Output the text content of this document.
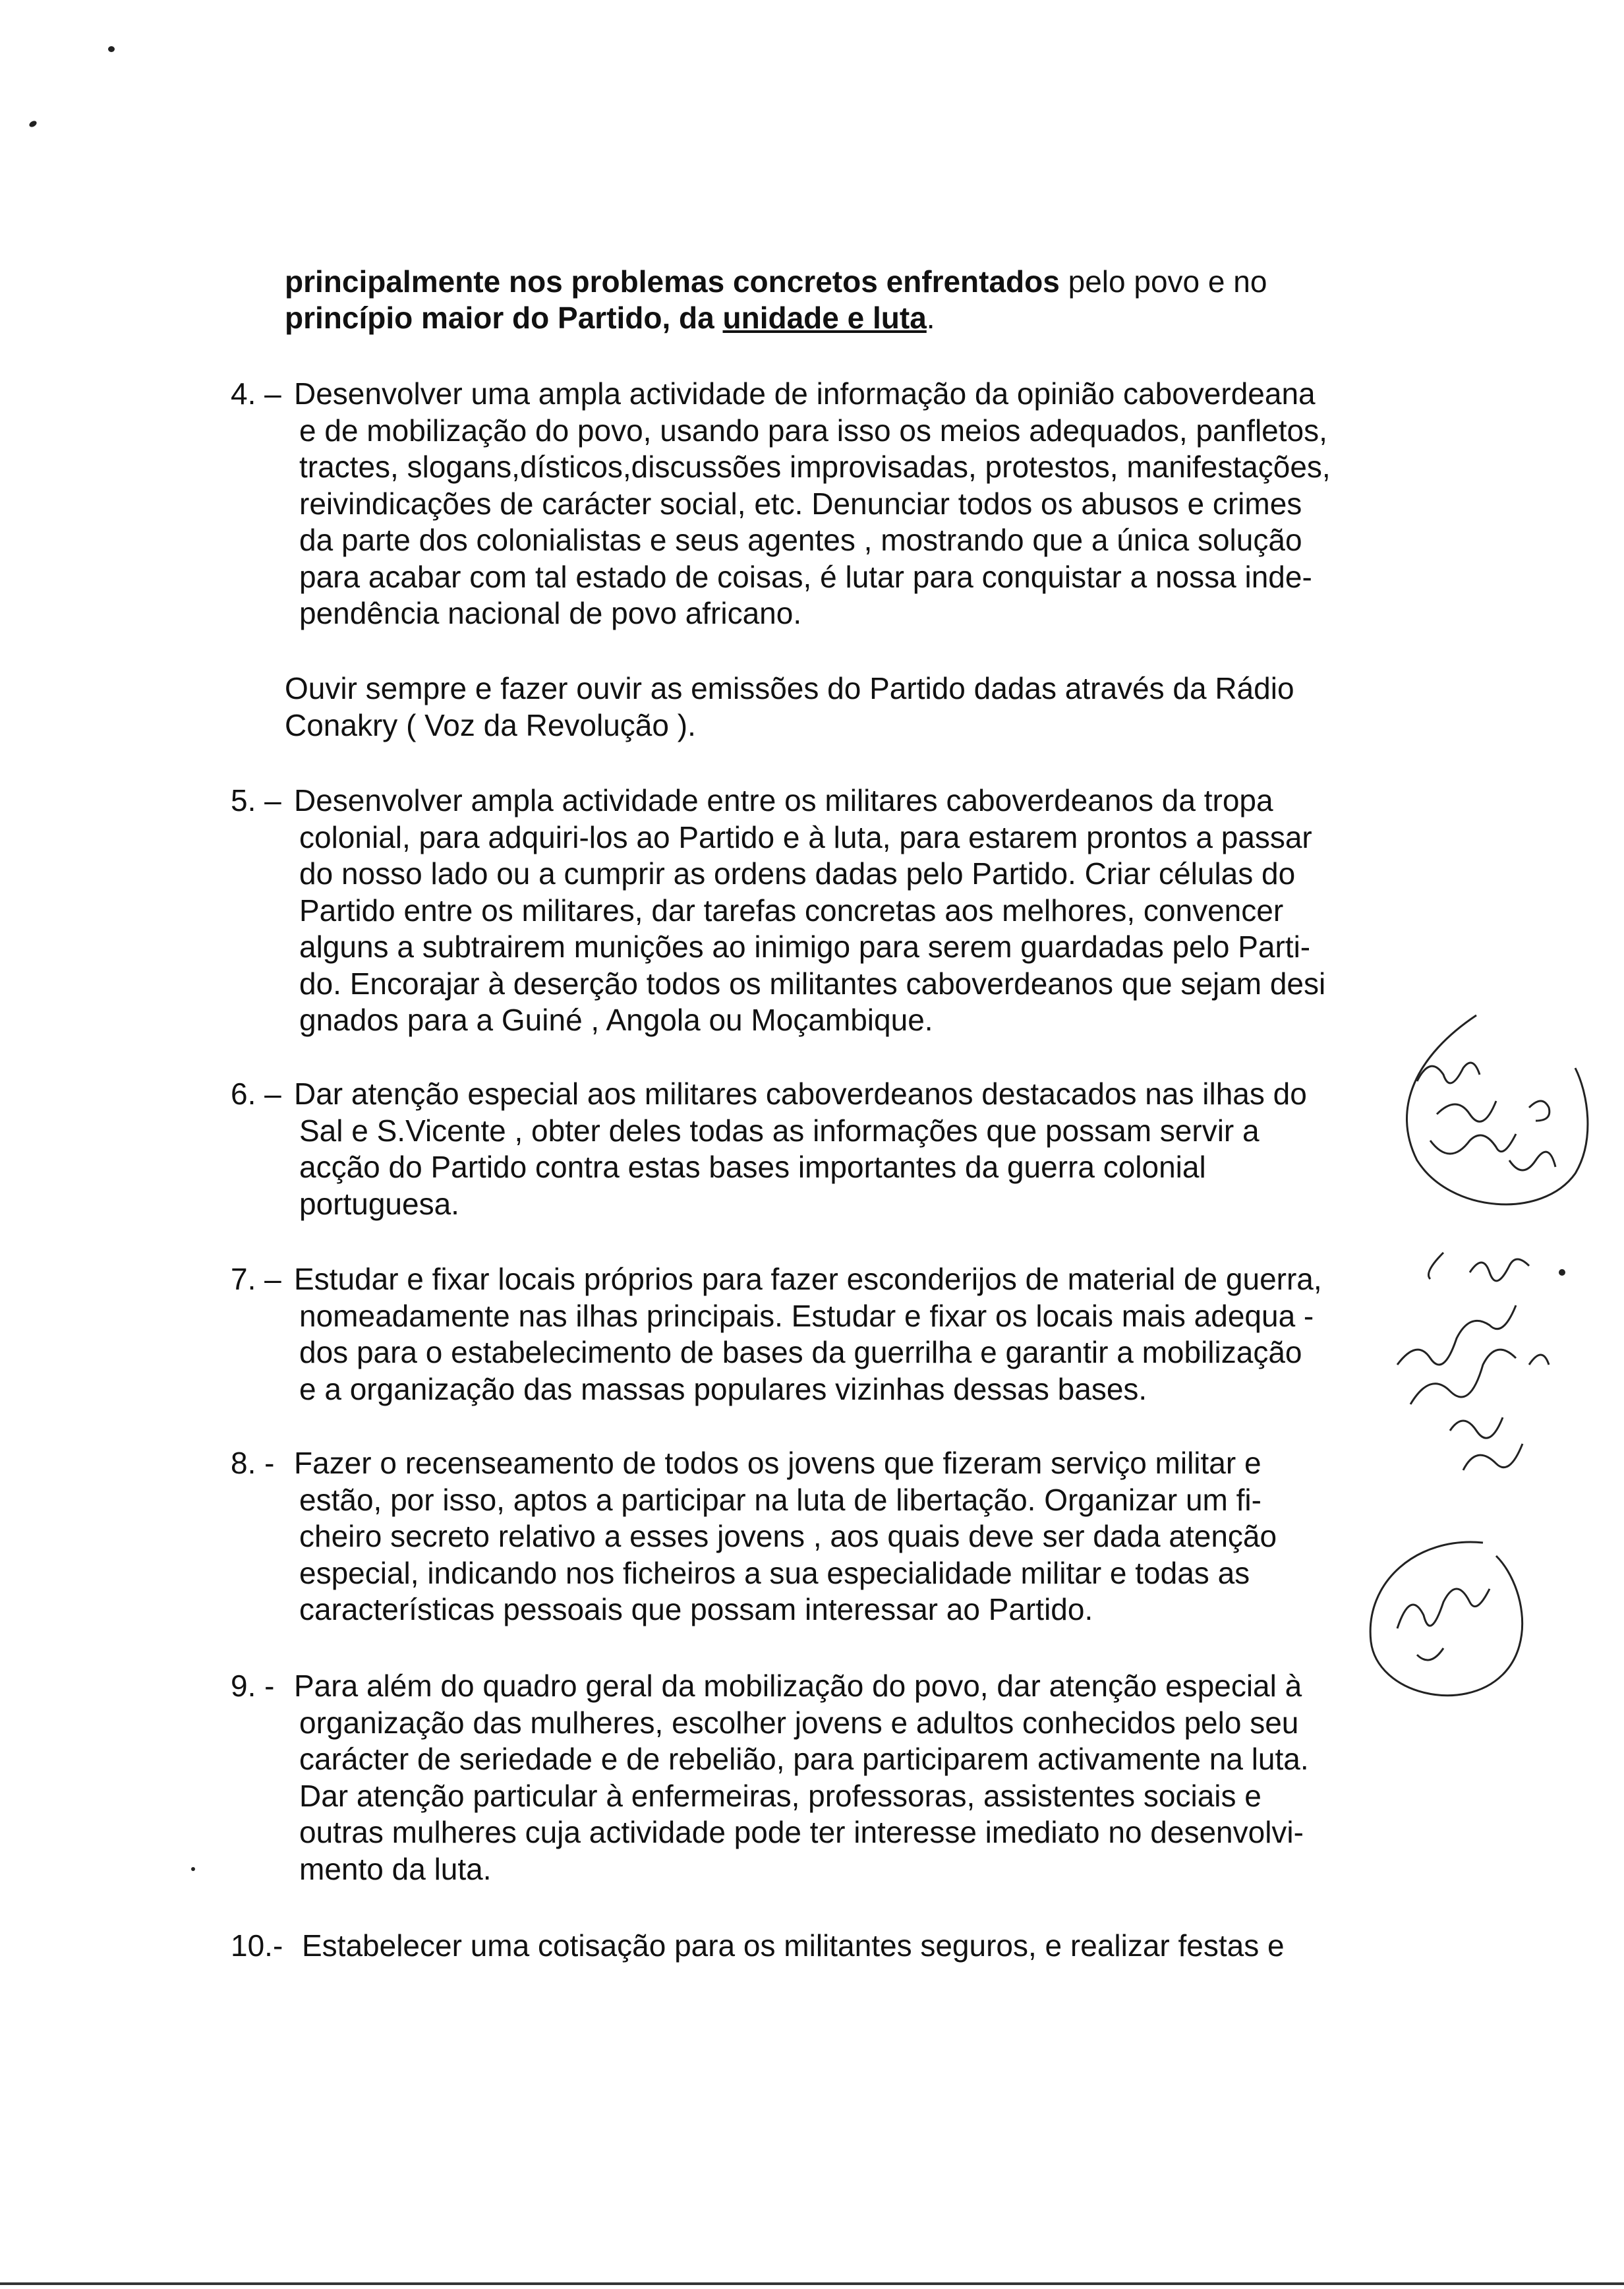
principalmente nos problemas concretos enfrentados pelo povo e no
princípio maior do Partido, da unidade e luta.
4. – Desenvolver uma ampla actividade de informação da opinião caboverdeana
e de mobilização do povo, usando para isso os meios adequados, panfletos,
tractes, slogans,dísticos,discussões improvisadas, protestos, manifestações,
reivindicações de carácter social, etc. Denunciar todos os abusos e crimes
da parte dos colonialistas e seus agentes , mostrando que a única solução
para acabar com tal estado de coisas, é lutar para conquistar a nossa inde-
pendência nacional de povo africano.
Ouvir sempre e fazer ouvir as emissões do Partido dadas através da Rádio
Conakry ( Voz da Revolução ).
5. – Desenvolver ampla actividade entre os militares caboverdeanos da tropa
colonial, para adquiri-los ao Partido e à luta, para estarem prontos a passar
do nosso lado ou a cumprir as ordens dadas pelo Partido. Criar células do
Partido entre os militares, dar tarefas concretas aos melhores, convencer
alguns a subtrairem munições ao inimigo para serem guardadas pelo Parti-
do. Encorajar à deserção todos os militantes caboverdeanos que sejam desi
gnados para a Guiné , Angola ou Moçambique.
6. – Dar atenção especial aos militares caboverdeanos destacados nas ilhas do
Sal e S.Vicente , obter deles todas as informações que possam servir a
acção do Partido contra estas bases importantes da guerra colonial
portuguesa.
7. – Estudar e fixar locais próprios para fazer esconderijos de material de guerra,
nomeadamente nas ilhas principais. Estudar e fixar os locais mais adequa -
dos para o estabelecimento de bases da guerrilha e garantir a mobilização
e a organização das massas populares vizinhas dessas bases.
8. - Fazer o recenseamento de todos os jovens que fizeram serviço militar e
estão, por isso, aptos a participar na luta de libertação. Organizar um fi-
cheiro secreto relativo a esses jovens , aos quais deve ser dada atenção
especial, indicando nos ficheiros a sua especialidade militar e todas as
características pessoais que possam interessar ao Partido.
9. - Para além do quadro geral da mobilização do povo, dar atenção especial à
organização das mulheres, escolher jovens e adultos conhecidos pelo seu
carácter de seriedade e de rebelião, para participarem activamente na luta.
Dar atenção particular à enfermeiras, professoras, assistentes sociais e
outras mulheres cuja actividade pode ter interesse imediato no desenvolvi-
mento da luta.
10.- Estabelecer uma cotisação para os militantes seguros, e realizar festas e
